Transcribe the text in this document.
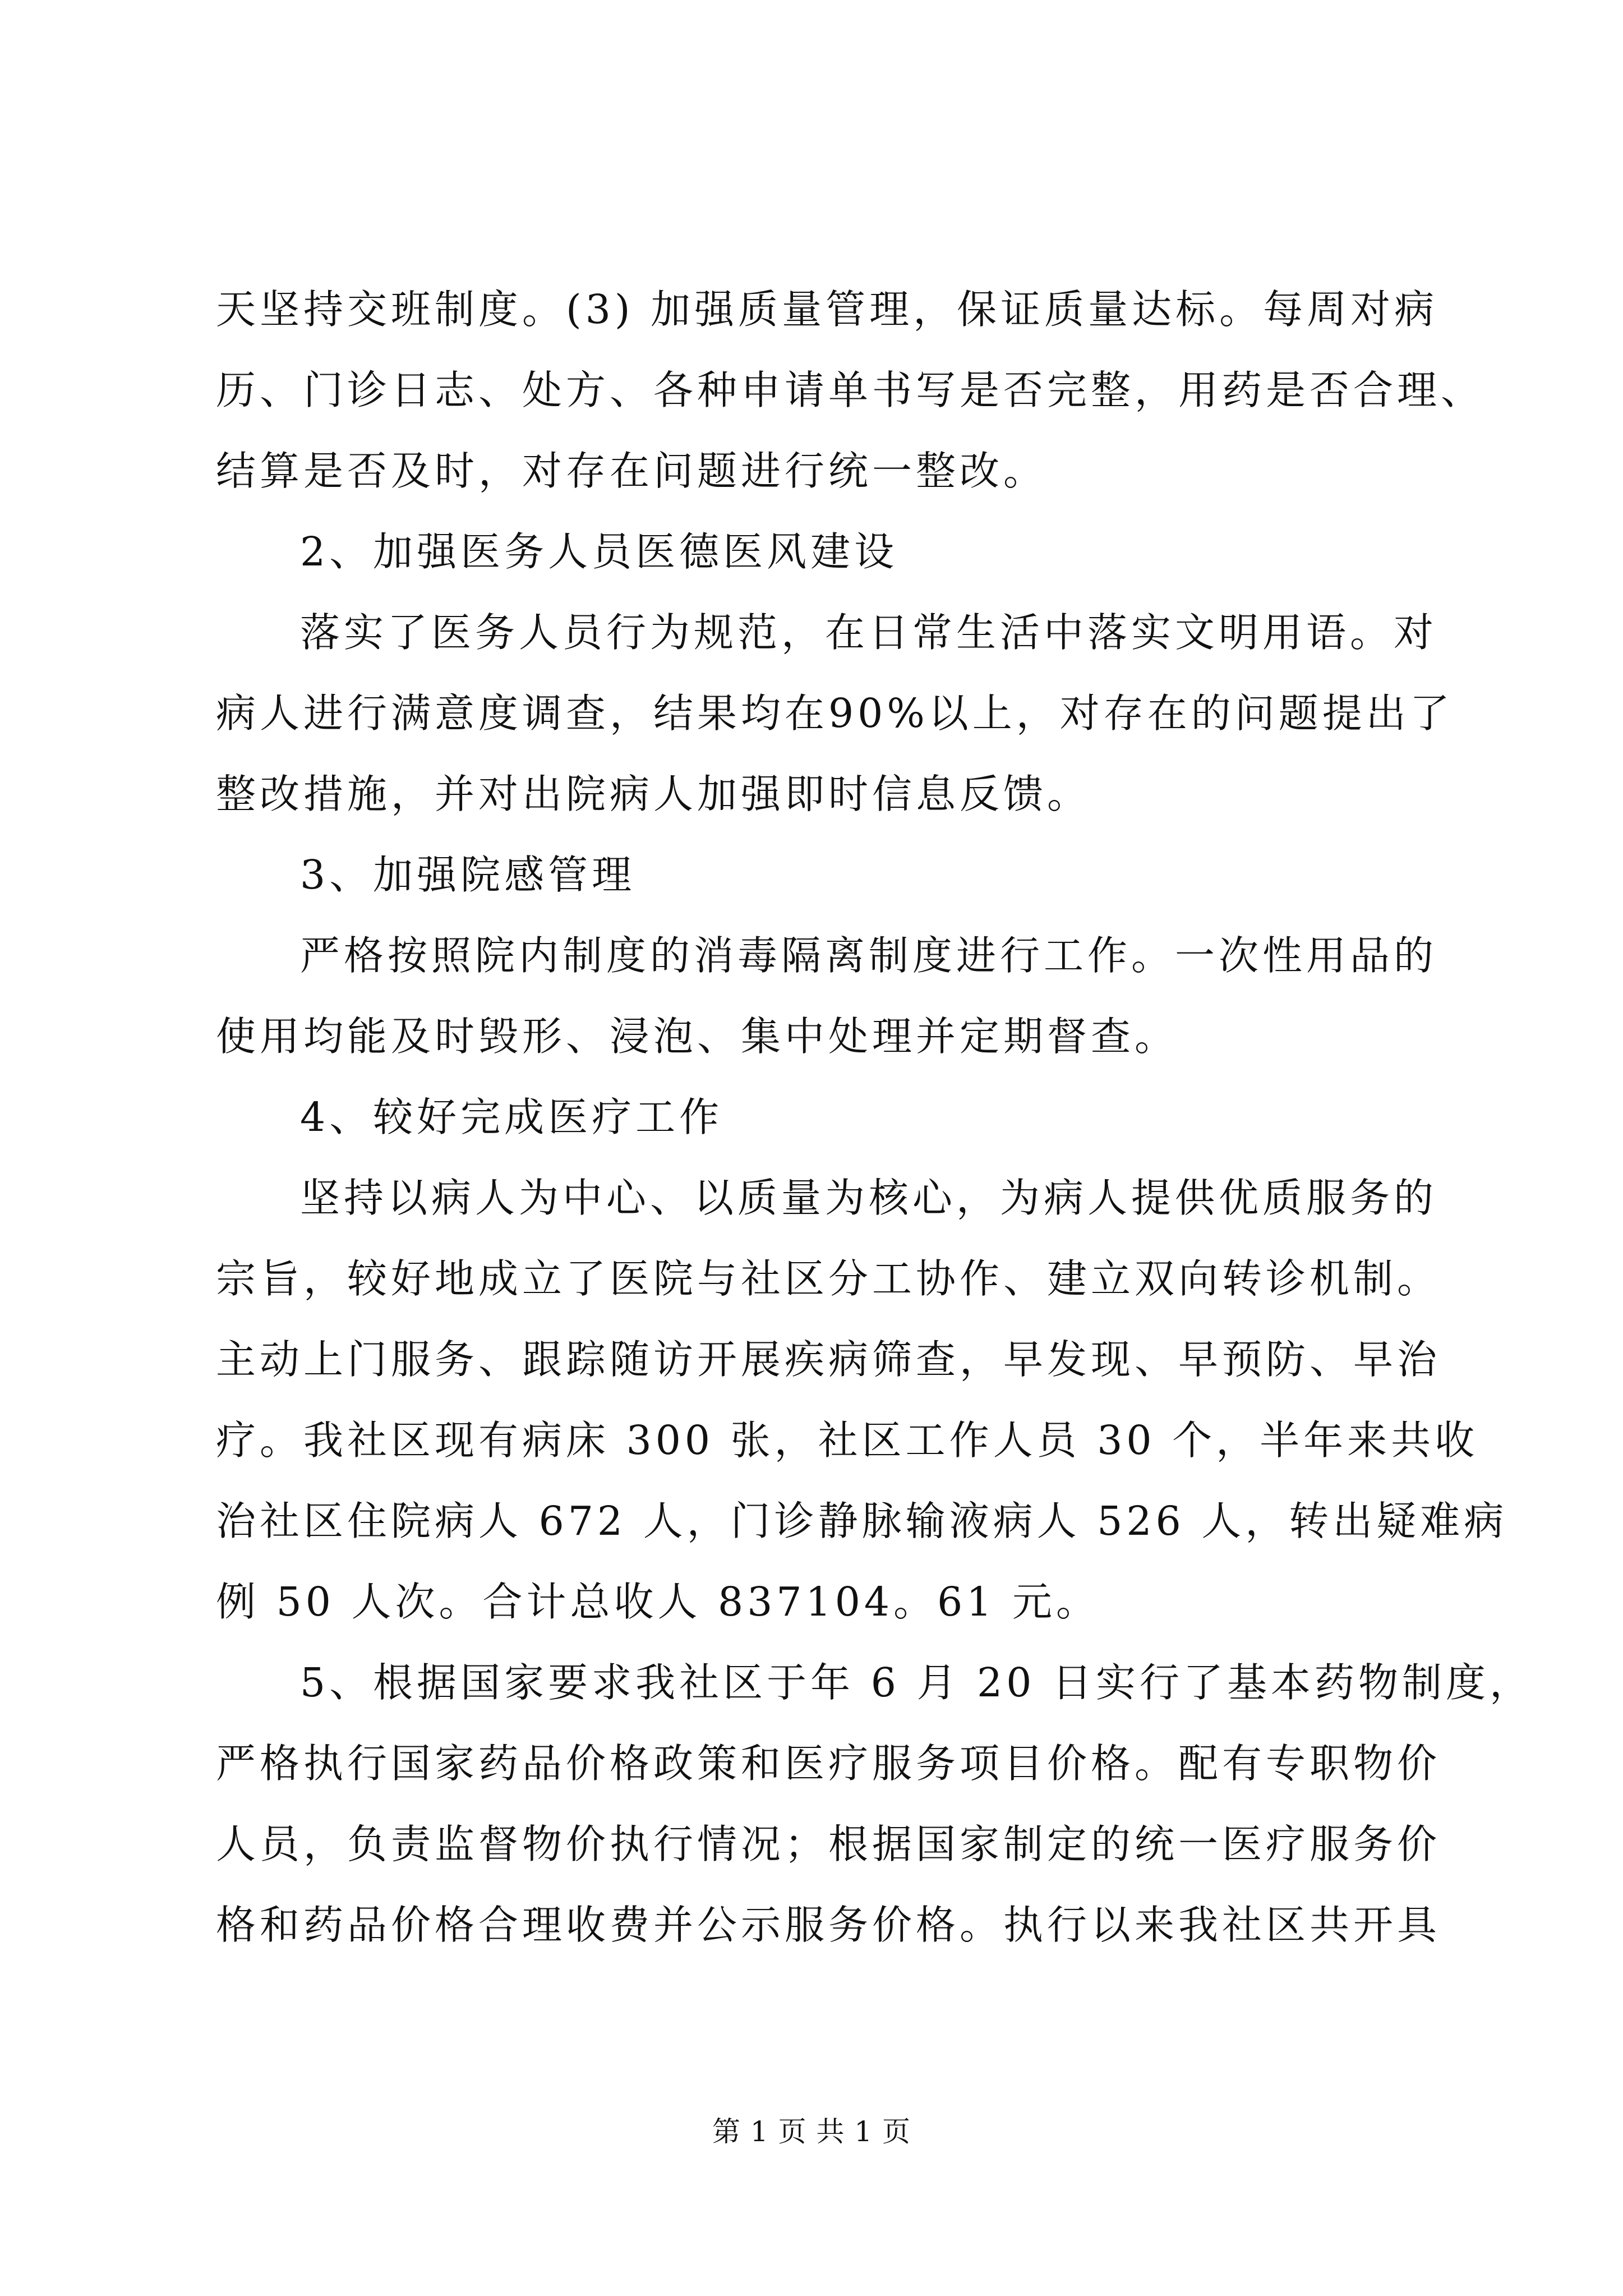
天坚持交班制度。(3) 加强质量管理，保证质量达标。每周对病
历、门诊日志、处方、各种申请单书写是否完整，用药是否合理、
结算是否及时，对存在问题进行统一整改。
2、加强医务人员医德医风建设
落实了医务人员行为规范，在日常生活中落实文明用语。对
病人进行满意度调查，结果均在90%以上，对存在的问题提出了
整改措施，并对出院病人加强即时信息反馈。
3、加强院感管理
严格按照院内制度的消毒隔离制度进行工作。一次性用品的
使用均能及时毁形、浸泡、集中处理并定期督查。
4、较好完成医疗工作
坚持以病人为中心、以质量为核心，为病人提供优质服务的
宗旨，较好地成立了医院与社区分工协作、建立双向转诊机制。
主动上门服务、跟踪随访开展疾病筛查，早发现、早预防、早治
疗。我社区现有病床 300 张，社区工作人员 30 个，半年来共收
治社区住院病人 672 人，门诊静脉输液病人 526 人，转出疑难病
例 50 人次。合计总收人 837104。61 元。
5、根据国家要求我社区于年 6 月 20 日实行了基本药物制度，
严格执行国家药品价格政策和医疗服务项目价格。配有专职物价
人员，负责监督物价执行情况；根据国家制定的统一医疗服务价
格和药品价格合理收费并公示服务价格。执行以来我社区共开具
第 1 页 共 1 页
